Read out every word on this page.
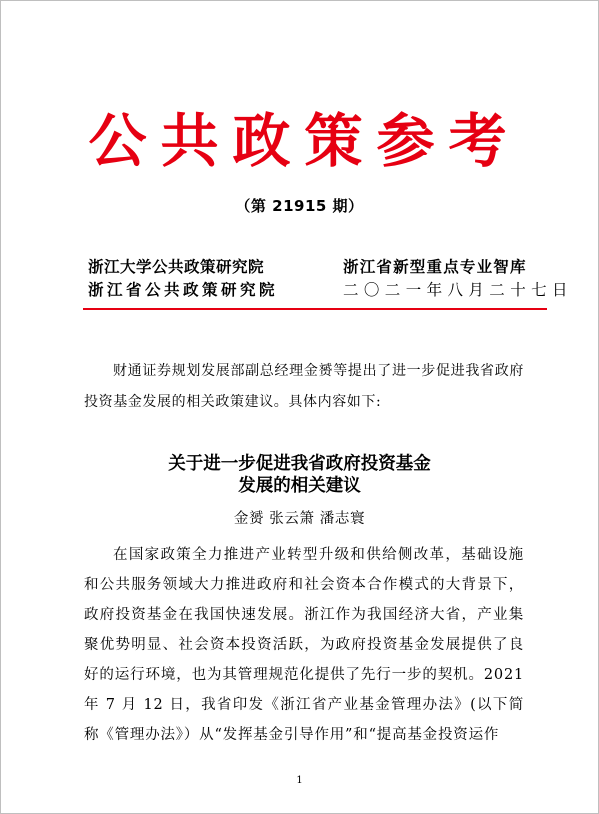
公共政策参考
（第 21915 期）
浙江大学公共政策研究院
浙江省公共政策研究院
浙江省新型重点专业智库
二〇二一年八月二十七日
财通证券规划发展部副总经理金赟等提出了进一步促进我省政府投资基金发展的相关政策建议。具体内容如下:
关于进一步促进我省政府投资基金
发展的相关建议
金赟 张云箫 潘志寰
在国家政策全力推进产业转型升级和供给侧改革，基础设施和公共服务领域大力推进政府和社会资本合作模式的大背景下，政府投资基金在我国快速发展。浙江作为我国经济大省，产业集聚优势明显、社会资本投资活跃，为政府投资基金发展提供了良好的运行环境，也为其管理规范化提供了先行一步的契机。2021年 7 月 12 日，我省印发《浙江省产业基金管理办法》(以下简称《管理办法》）从“发挥基金引导作用”和“提高基金投资运作
1
